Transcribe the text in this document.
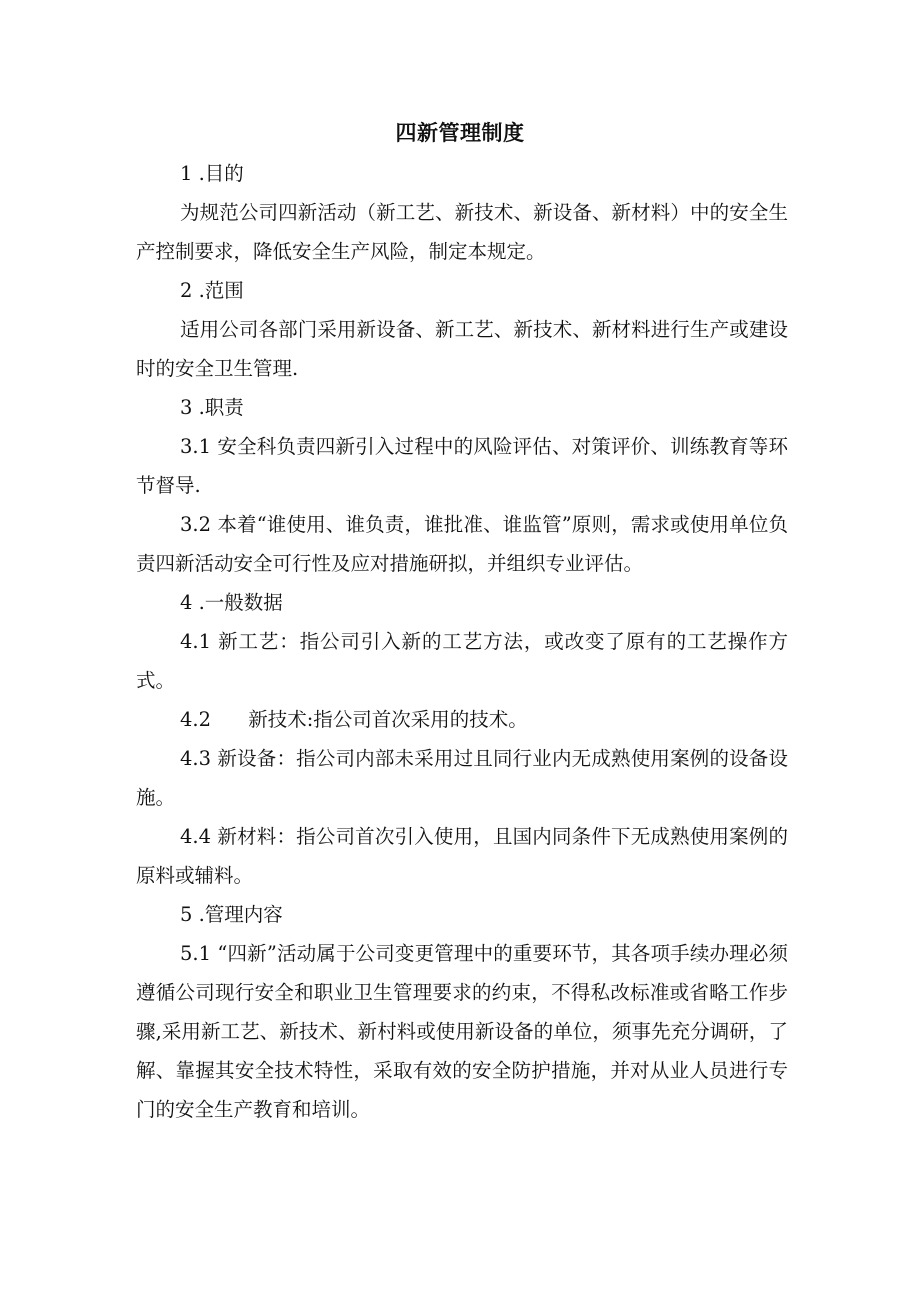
四新管理制度

1 .目的

为规范公司四新活动（新工艺、新技术、新设备、新材料）中的安全生产控制要求，降低安全生产风险，制定本规定。

2 .范围

适用公司各部门采用新设备、新工艺、新技术、新材料进行生产或建设时的安全卫生管理.

3 .职责

3.1 安全科负责四新引入过程中的风险评估、对策评价、训练教育等环节督导.

3.2 本着“谁使用、谁负责，谁批准、谁监管”原则，需求或使用单位负责四新活动安全可行性及应对措施研拟，并组织专业评估。

4 .一般数据

4.1 新工艺：指公司引入新的工艺方法，或改变了原有的工艺操作方式。

4.2      新技术:指公司首次采用的技术。

4.3 新设备：指公司内部未采用过且同行业内无成熟使用案例的设备设施。

4.4 新材料：指公司首次引入使用，且国内同条件下无成熟使用案例的原料或辅料。

5 .管理内容

5.1 “四新”活动属于公司变更管理中的重要环节，其各项手续办理必须遵循公司现行安全和职业卫生管理要求的约束，不得私改标准或省略工作步骤,采用新工艺、新技术、新村料或使用新设备的单位，须事先充分调研，了解、靠握其安全技术特性，采取有效的安全防护措施，并对从业人员进行专门的安全生产教育和培训。
